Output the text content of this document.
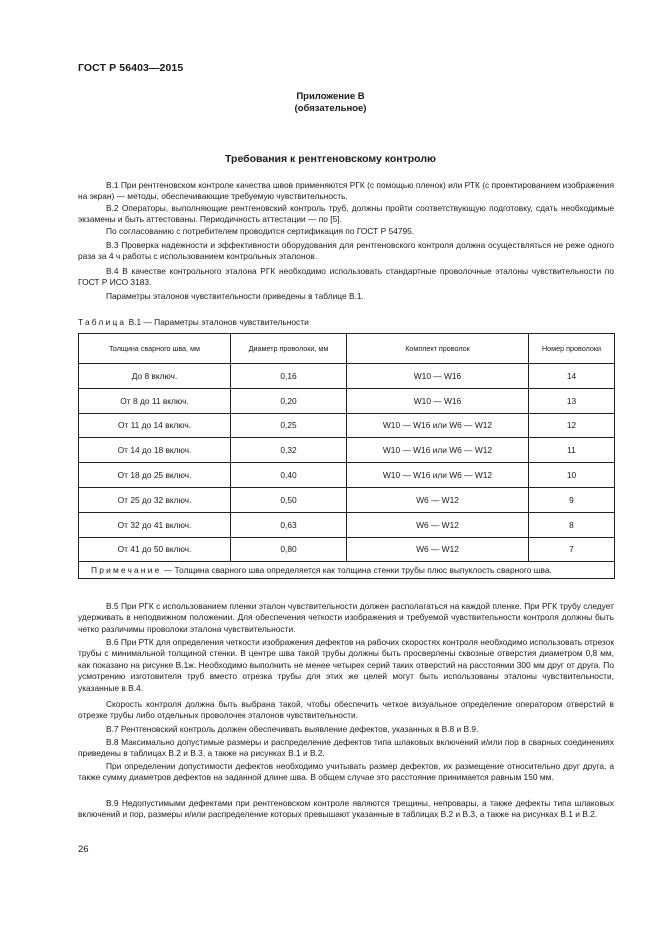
ГОСТ Р 56403—2015
Приложение В
(обязательное)
Требования к рентгеновскому контролю

В.1 При рентгеновском контроле качества швов применяются РГК (с помощью пленок) или РТК (с проектированием изображения на экран) — методы, обеспечивающие требуемую чувствительность.

В.2 Операторы, выполняющие рентгеновский контроль труб, должны пройти соответствующую подготовку, сдать необходимые экзамены и быть аттестованы. Периодичность аттестации — по [5].

По согласованию с потребителем проводится сертификация по ГОСТ Р 54795.

В.3 Проверка надежности и эффективности оборудования для рентгеновского контроля должна осуществляться не реже одного раза за 4 ч работы с использованием контрольных эталонов.

В.4 В качестве контрольного эталона РГК необходимо использовать стандартные проволочные эталоны чувствительности по ГОСТ Р ИСО 3183.

Параметры эталонов чувствительности приведены в таблице В.1.

Таблица В.1 — Параметры эталонов чувствительности
Толщина сварного шва, мм	Диаметр проволоки, мм	Комплект проволок	Номер проволоки
До 8 включ.	0,16	W10 — W16	14
От 8 до 11 включ.	0,20	W10 — W16	13
От 11 до 14 включ.	0,25	W10 — W16 или W6 — W12	12
От 14 до 18 включ.	0,32	W10 — W16 или W6 — W12	11
От 18 до 25 включ.	0,40	W10 — W16 или W6 — W12	10
От 25 до 32 включ.	0,50	W6 — W12	9
От 32 до 41 включ.	0,63	W6 — W12	8
От 41 до 50 включ.	0,80	W6 — W12	7
Примечание — Толщина сварного шва определяется как толщина стенки трубы плюс выпуклость сварного шва.			

В.5 При РГК с использованием пленки эталон чувствительности должен располагаться на каждой пленке. При РГК трубу следует удерживать в неподвижном положении. Для обеспечения четкости изображения и требуемой чувствительности контроля должны быть четко различимы проволоки эталона чувствительности.

В.6 При РТК для определения четкости изображения дефектов на рабочих скоростях контроля необходимо использовать отрезок трубы с минимальной толщиной стенки. В центре шва такой трубы должны быть просверлены сквозные отверстия диаметром 0,8 мм, как показано на рисунке В.1ж. Необходимо выполнить не менее четырех серий таких отверстий на расстоянии 300 мм друг от друга. По усмотрению изготовителя труб вместо отрезка трубы для этих же целей могут быть использованы эталоны чувствительности, указанные в В.4.

Скорость контроля должна быть выбрана такой, чтобы обеспечить четкое визуальное определение оператором отверстий в отрезке трубы либо отдельных проволочек эталонов чувствительности.

В.7 Рентгеновский контроль должен обеспечивать выявление дефектов, указанных в В.8 и В.9.

В.8 Максимально допустимые размеры и распределение дефектов типа шлаковых включений и/или пор в сварных соединениях приведены в таблицах В.2 и В.3, а также на рисунках В.1 и В.2.

При определении допустимости дефектов необходимо учитывать размер дефектов, их размещение относительно друг друга, а также сумму диаметров дефектов на заданной длине шва. В общем случае это расстояние принимается равным 150 мм.

В.9 Недопустимыми дефектами при рентгеновском контроле являются трещины, непровары, а также дефекты типа шлаковых включений и пор, размеры и/или распределение которых превышают указанные в таблицах В.2 и В.3, а также на рисунках В.1 и В.2.

26
